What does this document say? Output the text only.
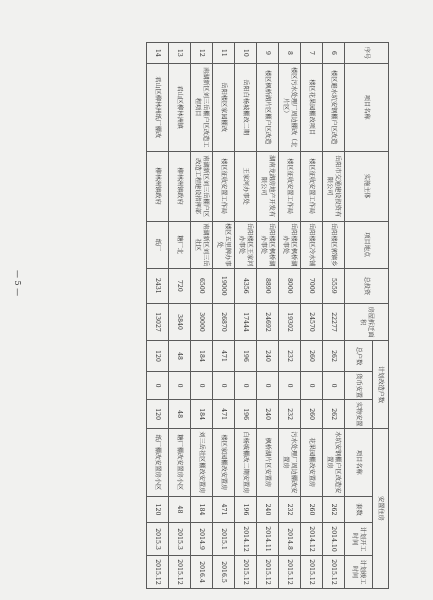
序号	项目名称	实施主体	项目地点	总投资	房屋拆迁面积	计划改造户数			安置住房			
						总户数	货币安置	实物安置	项目名称	套数	计划开工时间	计划竣工时间
6	楼区避水坑安钢棚户区改造	岳阳市交通建设投资有限公司	岳阳楼区郭镇乡	5559	22277	262	0	262	水坑安钢棚户区改造安置房	262	2014.10	2015.12
7	楼区花果园棚改项目	楼区征收安置工作局	岳阳楼区冷水铺	7000	24570	260	0	260	花果园棚改安置房	260	2014.12	2015.12
8	楼区污水处理厂周边棚改（北片区）	楼区征收安置工作局	岳阳楼区枫桥湖办事处	8000	19302	232	0	232	污水处理厂周边棚改安置房	232	2014.8	2015.12
9	楼区枫桥湖片区棚户区改造	湖南龙湖房地产开发有限公司	岳阳楼区枫桥湖办事处	8890	24692	240	0	240	枫桥湖片区安置房	240	2014.11	2015.12
10	岳阳白杨坡棚改二期	王家河办事处	岳阳楼区王家河办事处	4356	17444	196	0	196	白杨坡棚改二期安置房	196	2014.12	2015.12
11	岳阳楼区家园棚改	楼区征收安置工作局	楼区五里牌办事处	19000	26870	471	0	471	楼区家园棚改安置房	471	2015.1	2016.5
12	南湖新区刘三岳棚户区改造工程项目	南湖新区刘三岳棚户区改造工程建设指挥部	南湖新区刘三岳社区	6500	30000	184	0	184	刘三岳社区棚改安置房	184	2014.9	2016.4
13	君山区柳林洲镇	柳林洲镇政府	糖厂北	720	3840	48	0	48	糖厂棚改安置房小区	48	2015.3	2015.12
14	君山区柳林洲纸厂棚改	柳林洲镇政府	纸厂	2431	13027	120	0	120	纸厂棚改安置房小区	120	2015.3	2015.12
— 5 —
